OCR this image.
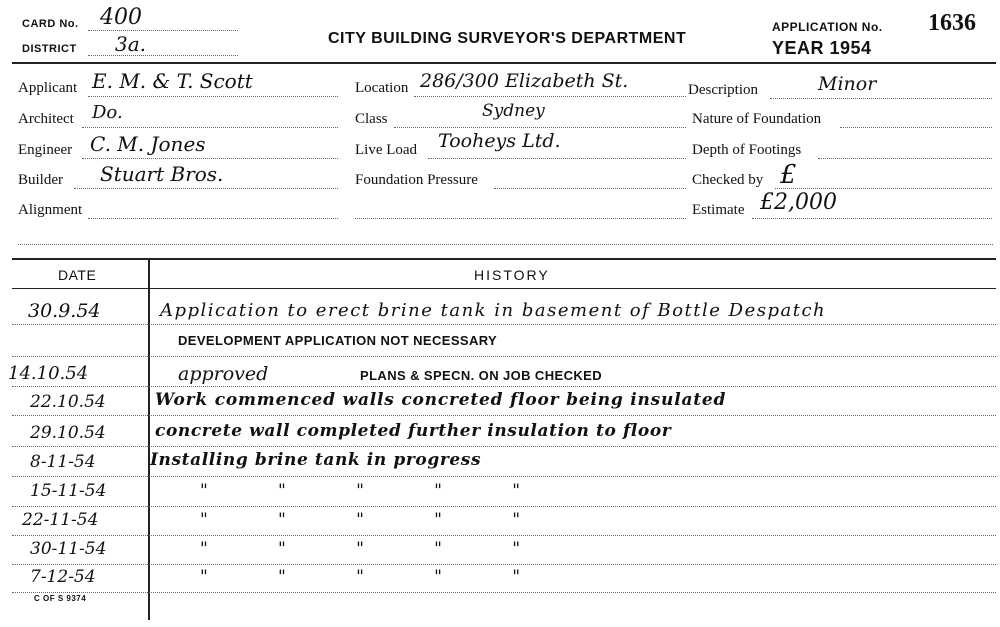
CARD No. 400
DISTRICT 3a.	CITY BUILDING SURVEYOR'S DEPARTMENT
APPLICATION No. 1636
YEAR 1954
Applicant E. M. & T. Scott
Architect Do.
Engineer C. M. Jones
Builder Stuart Bros.
Alignment
Location 286/300 Elizabeth St.
Class	Sydney
Live Load Tooheys Ltd.
Foundation Pressure
Description	Minor
Nature of Foundation
Depth of Footings
Checked by £
Estimate £2,000
DATE	HISTORY
30.9.54	Application to erect brine tank in basement of Bottle Despatch
DEVELOPMENT APPLICATION NOT NECESSARY
14.10.54	approved	PLANS & SPECN. ON JOB CHECKED
22.10.54	Work commenced walls concreted floor being insulated
29.10.54	concrete wall completed further insulation to floor
8-11-54	Installing brine tank in progress
15-11-54	"        "        "        "        "
22-11-54	"        "        "        "        "
30-11-54	"        "        "        "        "
7-12-54	"        "        "        "        "
C OF S 9374
